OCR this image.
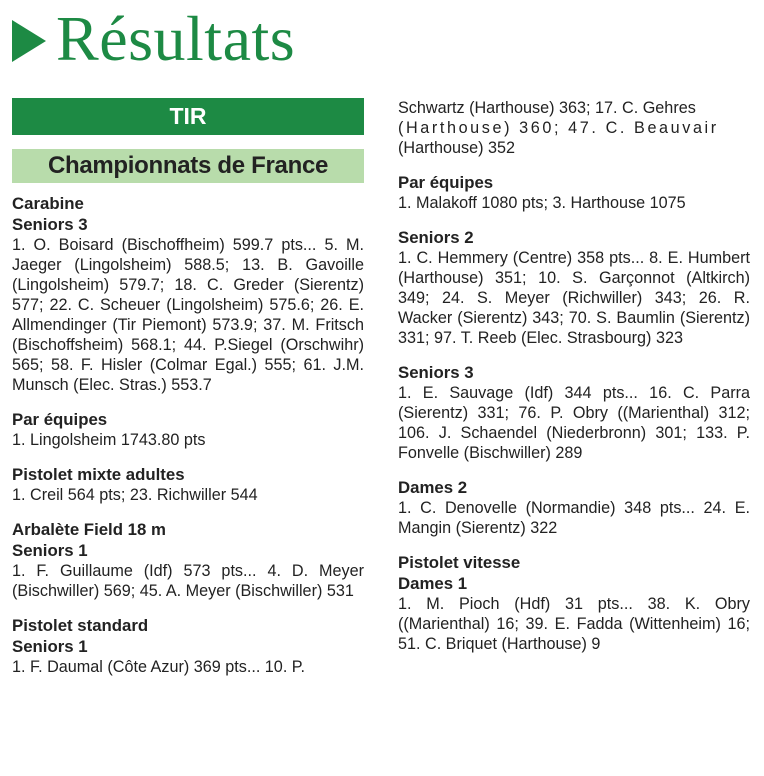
Résultats
TIR
Championnats de France
Carabine
Seniors 3
1. O. Boisard (Bischoffheim) 599.7 pts... 5. M. Jaeger (Lingolsheim) 588.5; 13. B. Gavoille (Lingolsheim) 579.7; 18. C. Greder (Sierentz) 577; 22. C. Scheuer (Lingolsheim) 575.6; 26. E. Allmendinger (Tir Piemont) 573.9; 37. M. Fritsch (Bischoffsheim) 568.1; 44. P.Siegel (Orschwihr) 565; 58. F. Hisler (Colmar Egal.) 555; 61. J.M. Munsch (Elec. Stras.) 553.7
Par équipes
1. Lingolsheim 1743.80 pts
Pistolet mixte adultes
1. Creil 564 pts; 23. Richwiller 544
Arbalète Field 18 m
Seniors 1
1. F. Guillaume (Idf) 573 pts... 4. D. Meyer (Bischwiller) 569; 45. A. Meyer (Bischwiller) 531
Pistolet standard
Seniors 1
1. F. Daumal (Côte Azur) 369 pts... 10. P.
Schwartz (Harthouse) 363; 17. C. Gehres
(Harthouse) 360; 47. C. Beauvair
(Harthouse) 352
Par équipes
1. Malakoff 1080 pts; 3. Harthouse 1075
Seniors 2
1. C. Hemmery (Centre) 358 pts... 8. E. Humbert (Harthouse) 351; 10. S. Garçonnot (Altkirch) 349; 24. S. Meyer (Richwiller) 343; 26. R. Wacker (Sierentz) 343; 70. S. Baumlin (Sierentz) 331; 97. T. Reeb (Elec. Strasbourg) 323
Seniors 3
1. E. Sauvage (Idf) 344 pts... 16. C. Parra (Sierentz) 331; 76. P. Obry ((Marienthal) 312; 106. J. Schaendel (Niederbronn) 301; 133. P. Fonvelle (Bischwiller) 289
Dames 2
1. C. Denovelle (Normandie) 348 pts... 24. E. Mangin (Sierentz) 322
Pistolet vitesse
Dames 1
1. M. Pioch (Hdf) 31 pts... 38. K. Obry ((Marienthal) 16; 39. E. Fadda (Wittenheim) 16; 51. C. Briquet (Harthouse) 9
